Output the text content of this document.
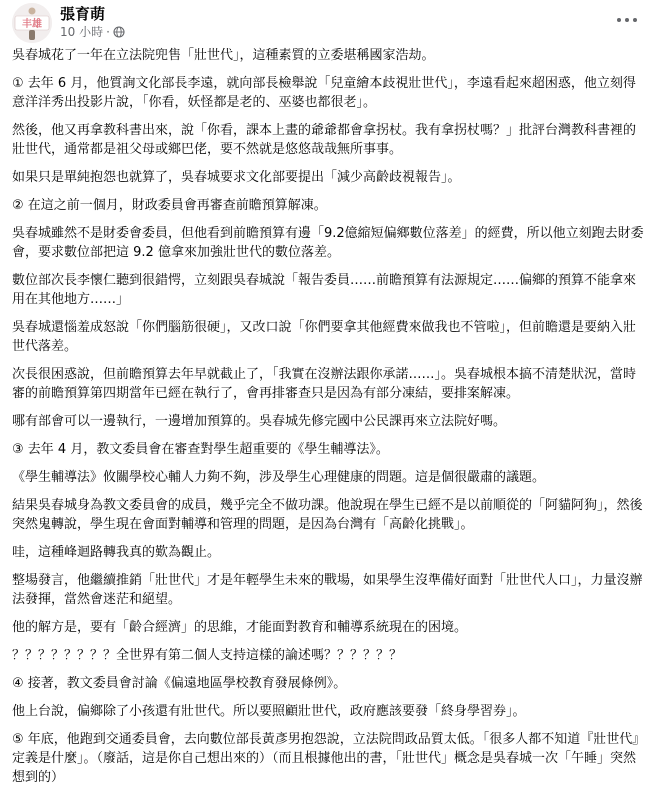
丰雄
張育萌
10 小時 ·

吳春城花了一年在立法院兜售「壯世代」，這種素質的立委堪稱國家浩劫。

① 去年 6 月，他質詢文化部長李遠，就向部長檢舉說「兒童繪本歧視壯世代」，李遠看起來超困惑，他立刻得意洋洋秀出投影片說，「你看，妖怪都是老的、巫婆也都很老」。

然後，他又再拿教科書出來，說「你看，課本上畫的爺爺都會拿拐杖。我有拿拐杖嗎？」批評台灣教科書裡的壯世代，通常都是祖父母或鄉巴佬，要不然就是悠悠哉哉無所事事。

如果只是單純抱怨也就算了，吳春城要求文化部要提出「減少高齡歧視報告」。

② 在這之前一個月，財政委員會再審查前瞻預算解凍。

吳春城雖然不是財委會委員，但他看到前瞻預算有邊「9.2億縮短偏鄉數位落差」的經費，所以他立刻跑去財委會，要求數位部把這 9.2 億拿來加強壯世代的數位落差。

數位部次長李懷仁聽到很錯愕，立刻跟吳春城說「報告委員……前瞻預算有法源規定……偏鄉的預算不能拿來用在其他地方……」

吳春城還惱羞成怒說「你們腦筋很硬」，又改口說「你們要拿其他經費來做我也不管啦」，但前瞻還是要納入壯世代落差。

次長很困惑說，但前瞻預算去年早就截止了，「我實在沒辦法跟你承諾……」。吳春城根本搞不清楚狀況，當時審的前瞻預算第四期當年已經在執行了，會再排審查只是因為有部分凍結，要排案解凍。

哪有部會可以一邊執行，一邊增加預算的。吳春城先修完國中公民課再來立法院好嗎。

③ 去年 4 月，教文委員會在審查對學生超重要的《學生輔導法》。

《學生輔導法》攸關學校心輔人力夠不夠，涉及學生心理健康的問題。這是個很嚴肅的議題。

結果吳春城身為教文委員會的成員，幾乎完全不做功課。他說現在學生已經不是以前順從的「阿貓阿狗」，然後突然鬼轉說，學生現在會面對輔導和管理的問題，是因為台灣有「高齡化挑戰」。

哇，這種峰迴路轉我真的歎為觀止。

整場發言，他繼續推銷「壯世代」才是年輕學生未來的戰場，如果學生沒準備好面對「壯世代人口」，力量沒辦法發揮，當然會迷茫和絕望。

他的解方是，要有「齡合經濟」的思維，才能面對教育和輔導系統現在的困境。

？？？？？？？？全世界有第二個人支持這樣的論述嗎？？？？？？

④ 接著，教文委員會討論《偏遠地區學校教育發展條例》。

他上台說，偏鄉除了小孩還有壯世代。所以要照顧壯世代，政府應該要發「終身學習券」。

⑤ 年底，他跑到交通委員會，去向數位部長黃彥男抱怨說，立法院問政品質太低。「很多人都不知道『壯世代』定義是什麼」。（廢話，這是你自己想出來的）（而且根據他出的書，「壯世代」概念是吳春城一次「午睡」突然想到的）
